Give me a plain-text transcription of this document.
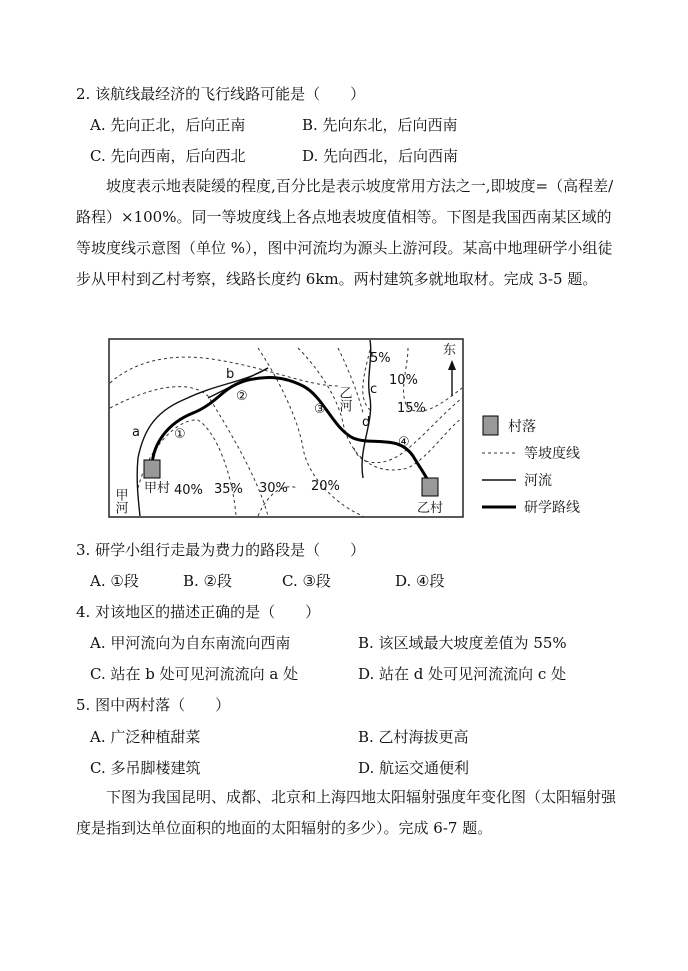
2. 该航线最经济的飞行线路可能是（　　）
A. 先向正北，后向正南	B. 先向东北，后向西南
C. 先向西南，后向西北	D. 先向西北，后向西南
坡度表示地表陡缓的程度,百分比是表示坡度常用方法之一,即坡度=（高程差/路程）×100%。同一等坡度线上各点地表坡度值相等。下图是我国西南某区域的等坡度线示意图（单位 %），图中河流均为源头上游河段。某高中地理研学小组徒步从甲村到乙村考察，线路长度约 6km。两村建筑多就地取材。完成 3-5 题。
东
5%
10%
15%
20%
30%
35%
40%
a
b
c
d
①
②
③
④
乙河
甲河 甲村
乙村
村落
等坡度线
河流
研学路线
3. 研学小组行走最为费力的路段是（　　）
A. ①段	B. ②段	C. ③段	D. ④段
4. 对该地区的描述正确的是（　　）
A. 甲河流向为自东南流向西南	B. 该区域最大坡度差值为 55%
C. 站在 b 处可见河流流向 a 处	D. 站在 d 处可见河流流向 c 处
5. 图中两村落（　　）
A. 广泛种植甜菜	B. 乙村海拔更高
C. 多吊脚楼建筑	D. 航运交通便利
下图为我国昆明、成都、北京和上海四地太阳辐射强度年变化图（太阳辐射强度是指到达单位面积的地面的太阳辐射的多少）。完成 6-7 题。
